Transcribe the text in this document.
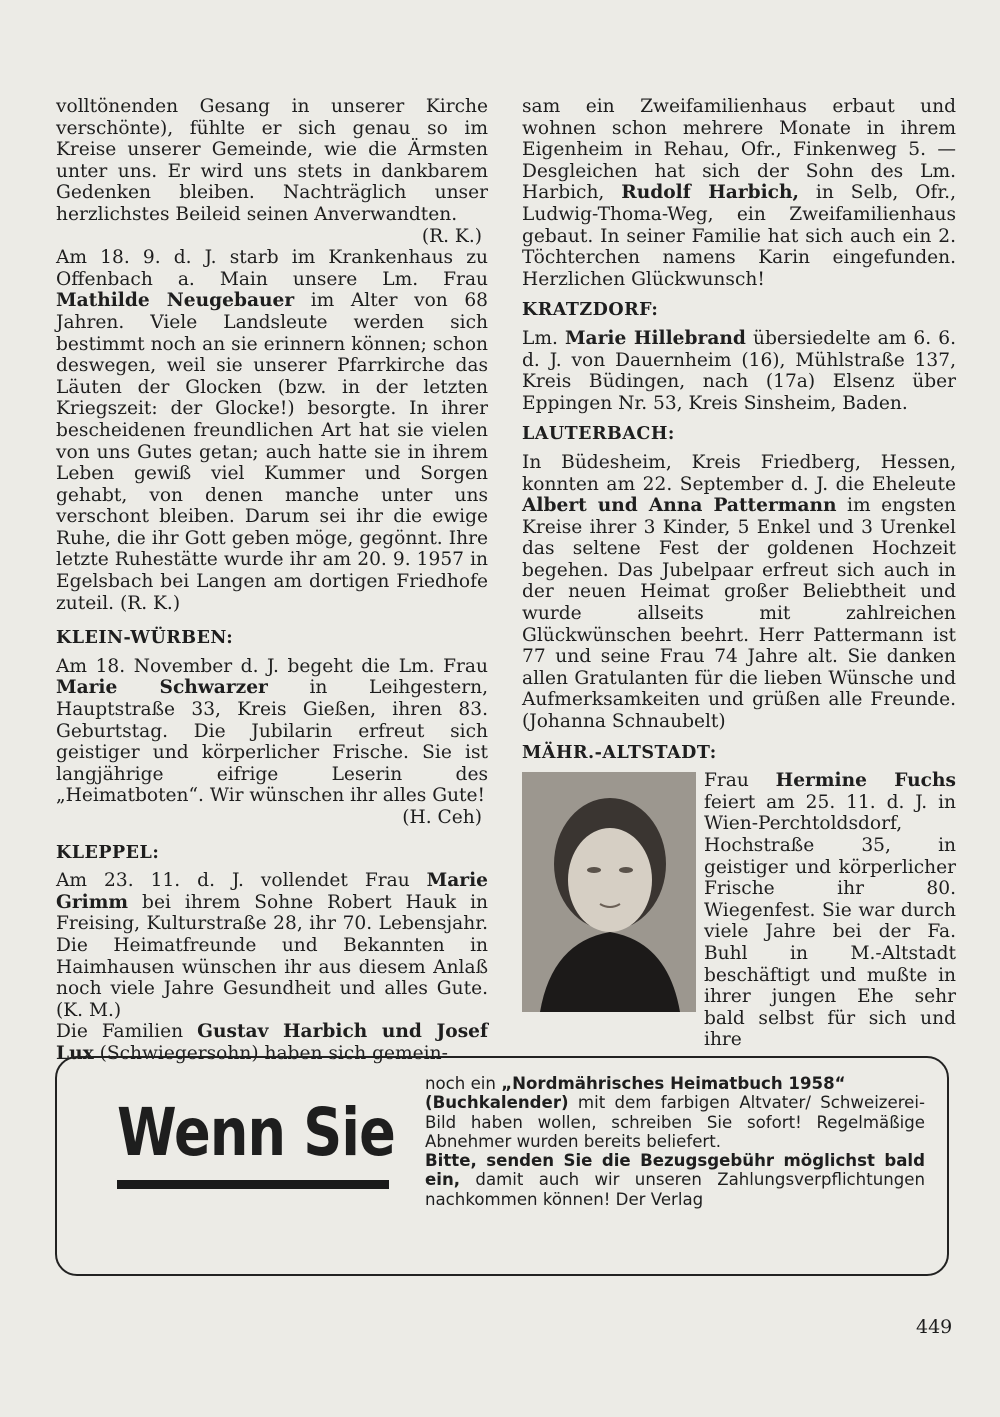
volltönenden Gesang in unserer Kirche verschönte), fühlte er sich genau so im Kreise unserer Gemeinde, wie die Ärmsten unter uns. Er wird uns stets in dankbarem Gedenken bleiben. Nachträglich unser herzlichstes Beileid seinen Anverwandten.

(R. K.)

Am 18. 9. d. J. starb im Krankenhaus zu Offenbach a. Main unsere Lm. Frau Mathilde Neugebauer im Alter von 68 Jahren. Viele Landsleute werden sich bestimmt noch an sie erinnern können; schon deswegen, weil sie unserer Pfarrkirche das Läuten der Glocken (bzw. in der letzten Kriegszeit: der Glocke!) besorgte. In ihrer bescheidenen freundlichen Art hat sie vielen von uns Gutes getan; auch hatte sie in ihrem Leben gewiß viel Kummer und Sorgen gehabt, von denen manche unter uns verschont bleiben. Darum sei ihr die ewige Ruhe, die ihr Gott geben möge, gegönnt. Ihre letzte Ruhestätte wurde ihr am 20. 9. 1957 in Egelsbach bei Langen am dortigen Friedhofe zuteil. (R. K.)

KLEIN-WÜRBEN:

Am 18. November d. J. begeht die Lm. Frau Marie Schwarzer in Leihgestern, Hauptstraße 33, Kreis Gießen, ihren 83. Geburtstag. Die Jubilarin erfreut sich geistiger und körperlicher Frische. Sie ist langjährige eifrige Leserin des „Heimatboten“. Wir wünschen ihr alles Gute!

(H. Ceh)

KLEPPEL:

Am 23. 11. d. J. vollendet Frau Marie Grimm bei ihrem Sohne Robert Hauk in Freising, Kulturstraße 28, ihr 70. Lebensjahr. Die Heimatfreunde und Bekannten in Haimhausen wünschen ihr aus diesem Anlaß noch viele Jahre Gesundheit und alles Gute. (K. M.)

Die Familien Gustav Harbich und Josef Lux (Schwiegersohn) haben sich gemein-

sam ein Zweifamilienhaus erbaut und wohnen schon mehrere Monate in ihrem Eigenheim in Rehau, Ofr., Finkenweg 5. — Desgleichen hat sich der Sohn des Lm. Harbich, Rudolf Harbich, in Selb, Ofr., Ludwig-Thoma-Weg, ein Zweifamilienhaus gebaut. In seiner Familie hat sich auch ein 2. Töchterchen namens Karin eingefunden. Herzlichen Glückwunsch!

KRATZDORF:

Lm. Marie Hillebrand übersiedelte am 6. 6. d. J. von Dauernheim (16), Mühlstraße 137, Kreis Büdingen, nach (17a) Elsenz über Eppingen Nr. 53, Kreis Sinsheim, Baden.

LAUTERBACH:

In Büdesheim, Kreis Friedberg, Hessen, konnten am 22. September d. J. die Eheleute Albert und Anna Pattermann im engsten Kreise ihrer 3 Kinder, 5 Enkel und 3 Urenkel das seltene Fest der goldenen Hochzeit begehen. Das Jubelpaar erfreut sich auch in der neuen Heimat großer Beliebtheit und wurde allseits mit zahlreichen Glückwünschen beehrt. Herr Pattermann ist 77 und seine Frau 74 Jahre alt. Sie danken allen Gratulanten für die lieben Wünsche und Aufmerksamkeiten und grüßen alle Freunde. (Johanna Schnaubelt)

MÄHR.-ALTSTADT:

Frau Hermine Fuchs feiert am 25. 11. d. J. in Wien-Perchtoldsdorf, Hochstraße 35, in geistiger und körperlicher Frische ihr 80. Wiegenfest. Sie war durch viele Jahre bei der Fa. Buhl in M.-Altstadt beschäftigt und mußte in ihrer jungen Ehe sehr bald selbst für sich und ihre

Wenn Sie

noch ein „Nordmährisches Heimatbuch 1958“

(Buchkalender) mit dem farbigen Altvater/ Schweizerei-Bild haben wollen, schreiben Sie sofort! Regelmäßige Abnehmer wurden bereits beliefert.

Bitte, senden Sie die Bezugsgebühr möglichst bald ein, damit auch wir unseren Zahlungsverpflichtungen nachkommen können! Der Verlag

449
